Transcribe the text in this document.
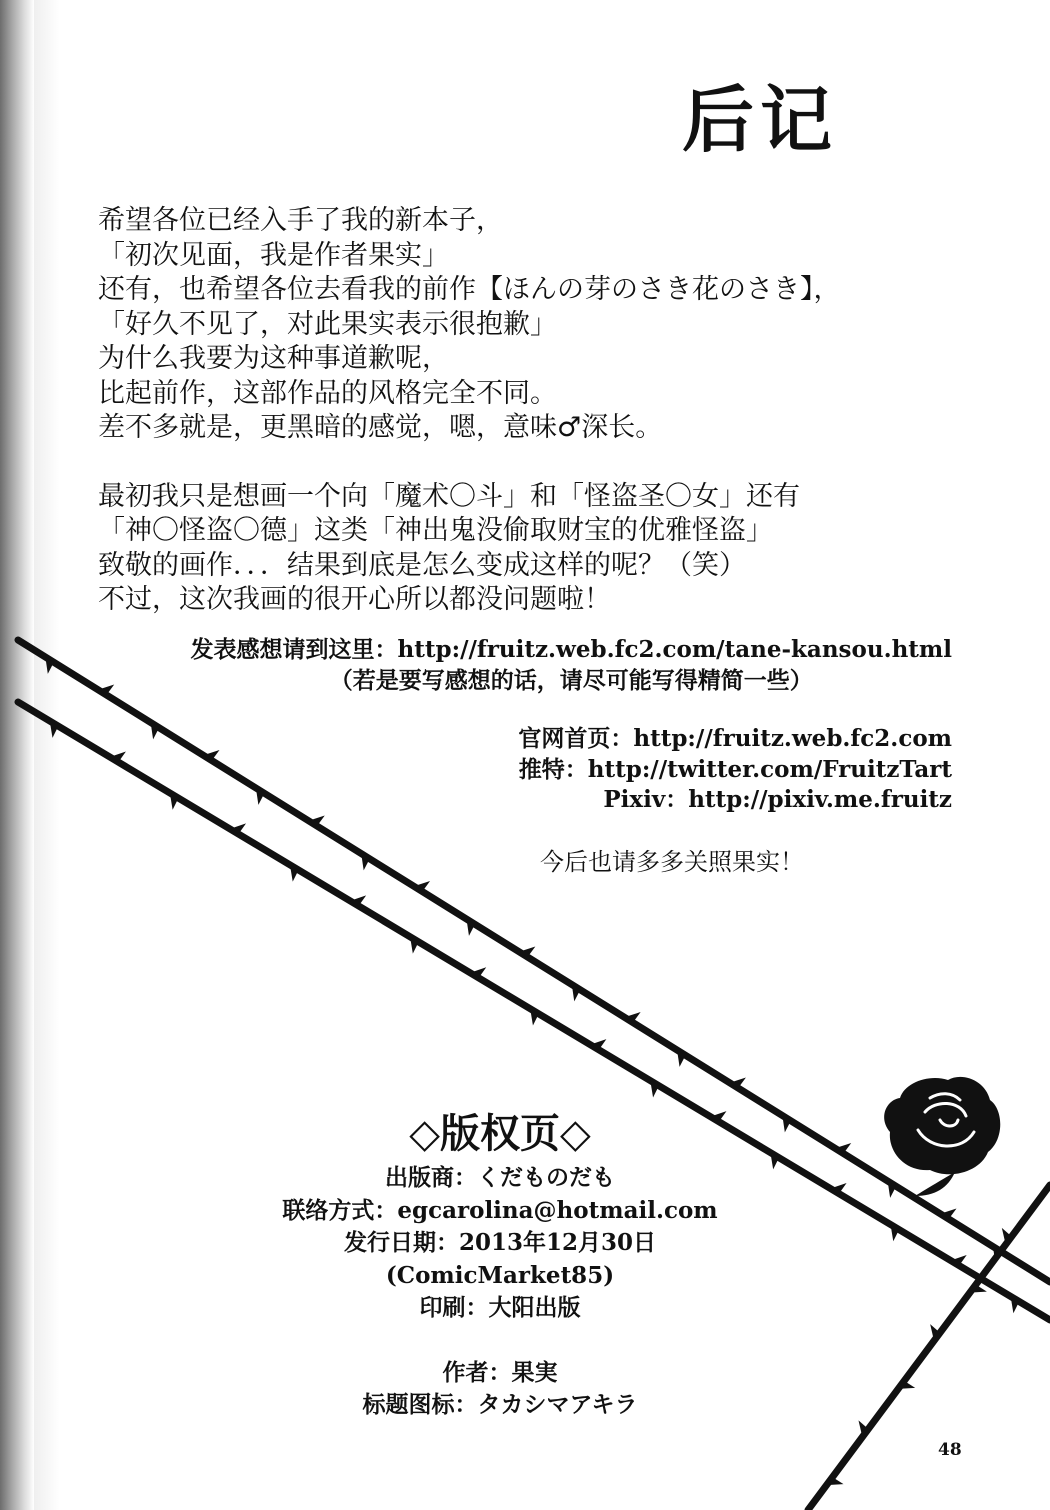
后记
希望各位已经入手了我的新本子，
「初次见面，我是作者果实」
还有，也希望各位去看我的前作【ほんの芽のさき花のさき】，
「好久不见了，对此果实表示很抱歉」
为什么我要为这种事道歉呢，
比起前作，这部作品的风格完全不同。
差不多就是，更黑暗的感觉，嗯，意味♂深长。
最初我只是想画一个向「魔术〇斗」和「怪盗圣〇女」还有
「神〇怪盗〇德」这类「神出鬼没偷取财宝的优雅怪盗」
致敬的画作．．．结果到底是怎么变成这样的呢？（笑）
不过，这次我画的很开心所以都没问题啦！
发表感想请到这里：http://fruitz.web.fc2.com/tane-kansou.html
（若是要写感想的话，请尽可能写得精简一些）
官网首页：http://fruitz.web.fc2.com
推特：http://twitter.com/FruitzTart
Pixiv：http://pixiv.me.fruitz
今后也请多多关照果实！
◇版权页◇
出版商：くだものだも
联络方式：egcarolina@hotmail.com
发行日期：2013年12月30日
(ComicMarket85)
印刷：大阳出版
作者：果実
标题图标：タカシマアキラ
48
